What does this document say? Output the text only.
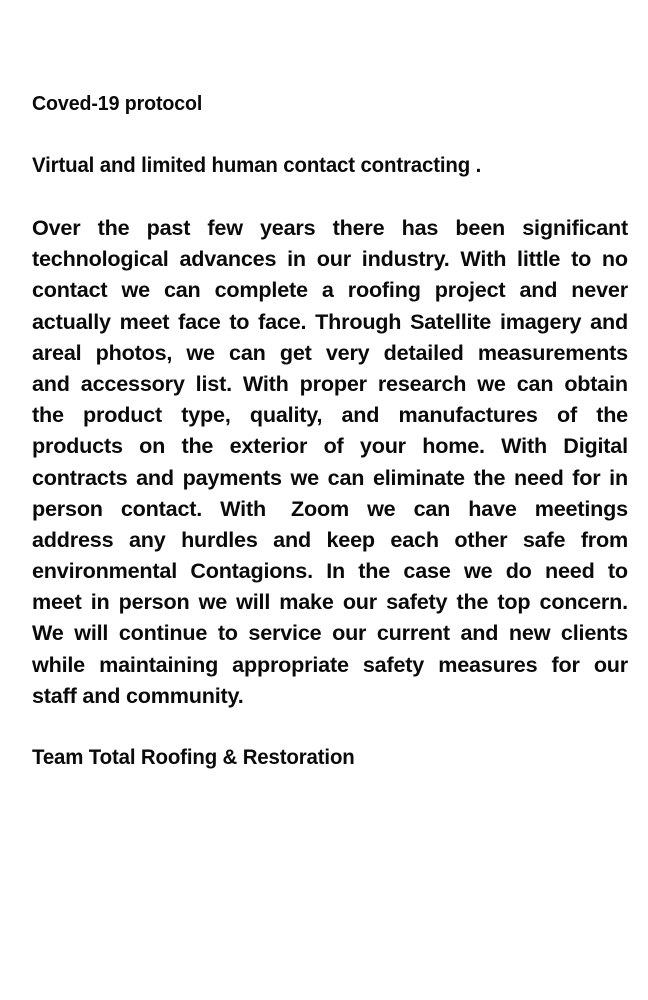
Coved-19 protocol
Virtual and limited human contact contracting .
Over the past few years there has been significant
technological advances in our industry. With little to no
contact we can complete a roofing project and never
actually meet face to face. Through Satellite imagery and
areal photos, we can get very detailed measurements
and accessory list. With proper research we can obtain
the product type, quality, and manufactures of the
products on the exterior of your home. With Digital
contracts and payments we can eliminate the need for in
person contact. With Zoom we can have meetings
address any hurdles and keep each other safe from
environmental Contagions. In the case we do need to
meet in person we will make our safety the top concern.
We will continue to service our current and new clients
while maintaining appropriate safety measures for our
staff and community.
Team Total Roofing & Restoration
